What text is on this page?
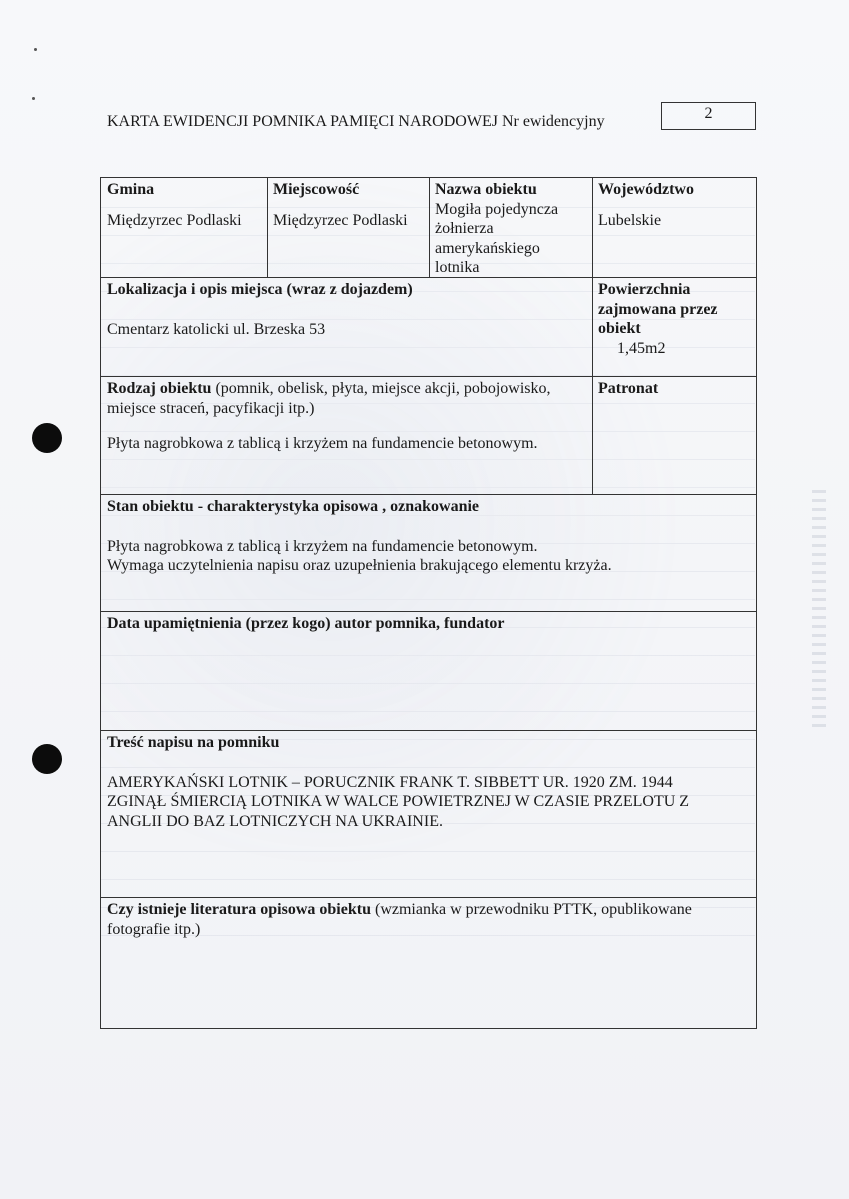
KARTA EWIDENCJI POMNIKA PAMIĘCI NARODOWEJ Nr ewidencyjny	2
Gmina
Międzyrzec Podlaski
Miejscowość
Międzyrzec Podlaski
Nazwa obiektu
Mogiła pojedyncza
żołnierza
amerykańskiego
lotnika
Województwo
Lubelskie
Lokalizacja i opis miejsca (wraz z dojazdem)
Cmentarz katolicki ul. Brzeska 53
Powierzchnia
zajmowana przez
obiekt
1,45m2
Rodzaj obiektu (pomnik, obelisk, płyta, miejsce akcji, pobojowisko,
miejsce straceń, pacyfikacji itp.)
Płyta nagrobkowa z tablicą i krzyżem na fundamencie betonowym.
Patronat
Stan obiektu - charakterystyka opisowa , oznakowanie
Płyta nagrobkowa z tablicą i krzyżem na fundamencie betonowym.
Wymaga uczytelnienia napisu oraz uzupełnienia brakującego elementu krzyża.
Data upamiętnienia (przez kogo) autor pomnika, fundator
Treść napisu na pomniku
AMERYKAŃSKI LOTNIK – PORUCZNIK FRANK T. SIBBETT UR. 1920 ZM. 1944
ZGINĄŁ ŚMIERCIĄ LOTNIKA W WALCE POWIETRZNEJ W CZASIE PRZELOTU Z
ANGLII DO BAZ LOTNICZYCH NA UKRAINIE.
Czy istnieje literatura opisowa obiektu (wzmianka w przewodniku PTTK, opublikowane
fotografie itp.)
